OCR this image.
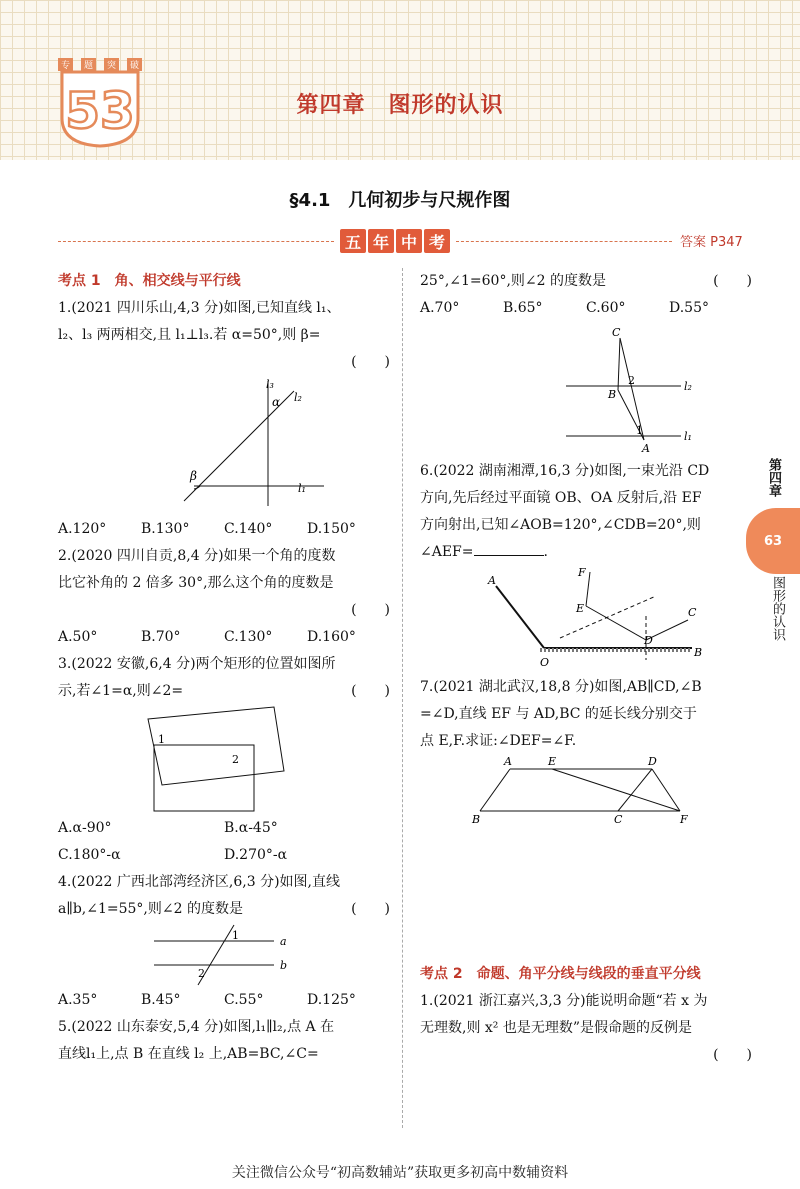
53
专	题	突	破
第四章　图形的认识
§4.1　几何初步与尺规作图
五 年 中 考	答案 P347

考点 1　角、相交线与平行线

1.(2021 四川乐山,4,3 分)如图,已知直线 l₁、

l₂、l₃ 两两相交,且 l₁⊥l₃.若 α=50°,则 β=

(　　)

l₃
l₂
α
β
l₁
A.120°	B.130°	C.140°	D.150°

2.(2020 四川自贡,8,4 分)如果一个角的度数

比它补角的 2 倍多 30°,那么这个角的度数是

(　　)

A.50°	B.70°	C.130°	D.160°

3.(2022 安徽,6,4 分)两个矩形的位置如图所

示,若∠1=α,则∠2=	(　　)

1
2
A.α-90°	B.α-45°
C.180°-α	D.270°-α

4.(2022 广西北部湾经济区,6,3 分)如图,直线

a∥b,∠1=55°,则∠2 的度数是	(　　)

a
b
1
2
A.35°	B.45°	C.55°	D.125°

5.(2022 山东泰安,5,4 分)如图,l₁∥l₂,点 A 在

直线l₁上,点 B 在直线 l₂ 上,AB=BC,∠C=

25°,∠1=60°,则∠2 的度数是	(　　)

A.70°	B.65°	C.60°	D.55°
C
B
2
1
A
l₂
l₁

6.(2022 湖南湘潭,16,3 分)如图,一束光沿 CD

方向,先后经过平面镜 OB、OA 反射后,沿 EF

方向射出,已知∠AOB=120°,∠CDB=20°,则

∠AEF=	.

A
F
E
O
D
C
B

7.(2021 湖北武汉,18,8 分)如图,AB∥CD,∠B

=∠D,直线 EF 与 AD,BC 的延长线分别交于

点 E,F.求证:∠DEF=∠F.

A	E	D
B	C	F

考点 2　命题、角平分线与线段的垂直平分线

1.(2021 浙江嘉兴,3,3 分)能说明命题“若 x 为

无理数,则 x² 也是无理数”是假命题的反例是

(　　)

第四章
图形的认识
63
关注微信公众号“初高数辅站”获取更多初高中数辅资料
